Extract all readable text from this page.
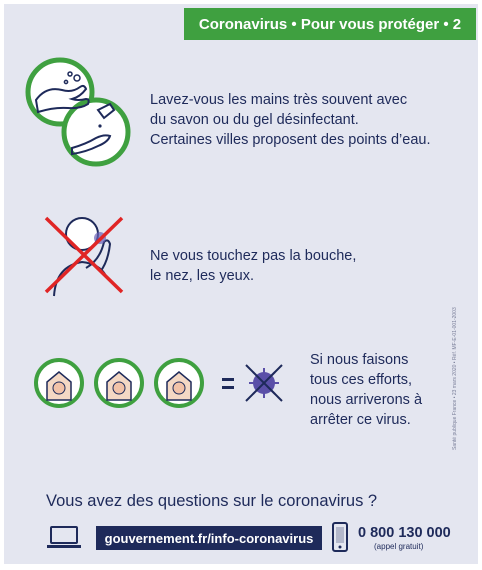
Coronavirus • Pour vous protéger • 2
Lavez-vous les mains très souvent avec
du savon ou du gel désinfectant.
Certaines villes proposent des points d’eau.
Ne vous touchez pas la bouche,
le nez, les yeux.
Si nous faisons
tous ces efforts,
nous arriverons à
arrêter ce virus.	Santé publique France • 23 mars 2020 • Réf. MF-E-01-001-2003
Vous avez des questions sur le coronavirus ?
gouvernement.fr/info-coronavirus	0 800 130 000
(appel gratuit)
